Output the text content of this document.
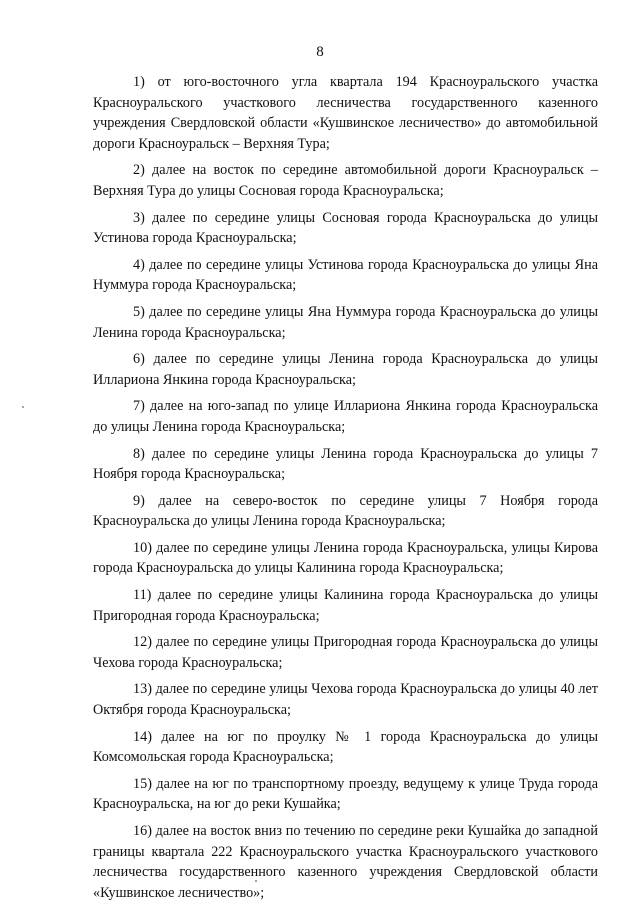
8

1) от юго-восточного угла квартала 194 Красноуральского участка Красноуральского участкового лесничества государственного казенного учреждения Свердловской области «Кушвинское лесничество» до автомобильной дороги Красноуральск – Верхняя Тура;

2) далее на восток по середине автомобильной дороги Красноуральск – Верхняя Тура до улицы Сосновая города Красноуральска;

3) далее по середине улицы Сосновая города Красноуральска до улицы Устинова города Красноуральска;

4) далее по середине улицы Устинова города Красноуральска до улицы Яна Нуммура города Красноуральска;

5) далее по середине улицы Яна Нуммура города Красноуральска до улицы Ленина города Красноуральска;

6) далее по середине улицы Ленина города Красноуральска до улицы Иллариона Янкина города Красноуральска;

7) далее на юго-запад по улице Иллариона Янкина города Красноуральска до улицы Ленина города Красноуральска;

8) далее по середине улицы Ленина города Красноуральска до улицы 7 Ноября города Красноуральска;

9) далее на северо-восток по середине улицы 7 Ноября города Красноуральска до улицы Ленина города Красноуральска;

10) далее по середине улицы Ленина города Красноуральска, улицы Кирова города Красноуральска до улицы Калинина города Красноуральска;

11) далее по середине улицы Калинина города Красноуральска до улицы Пригородная города Красноуральска;

12) далее по середине улицы Пригородная города Красноуральска до улицы Чехова города Красноуральска;

13) далее по середине улицы Чехова города Красноуральска до улицы 40 лет Октября города Красноуральска;

14) далее на юг по проулку № 1 города Красноуральска до улицы Комсомольская города Красноуральска;

15) далее на юг по транспортному проезду, ведущему к улице Труда города Красноуральска, на юг до реки Кушайка;

16) далее на восток вниз по течению по середине реки Кушайка до западной границы квартала 222 Красноуральского участка Красноуральского участкового лесничества государственного казенного учреждения Свердловской области «Кушвинское лесничество»;
